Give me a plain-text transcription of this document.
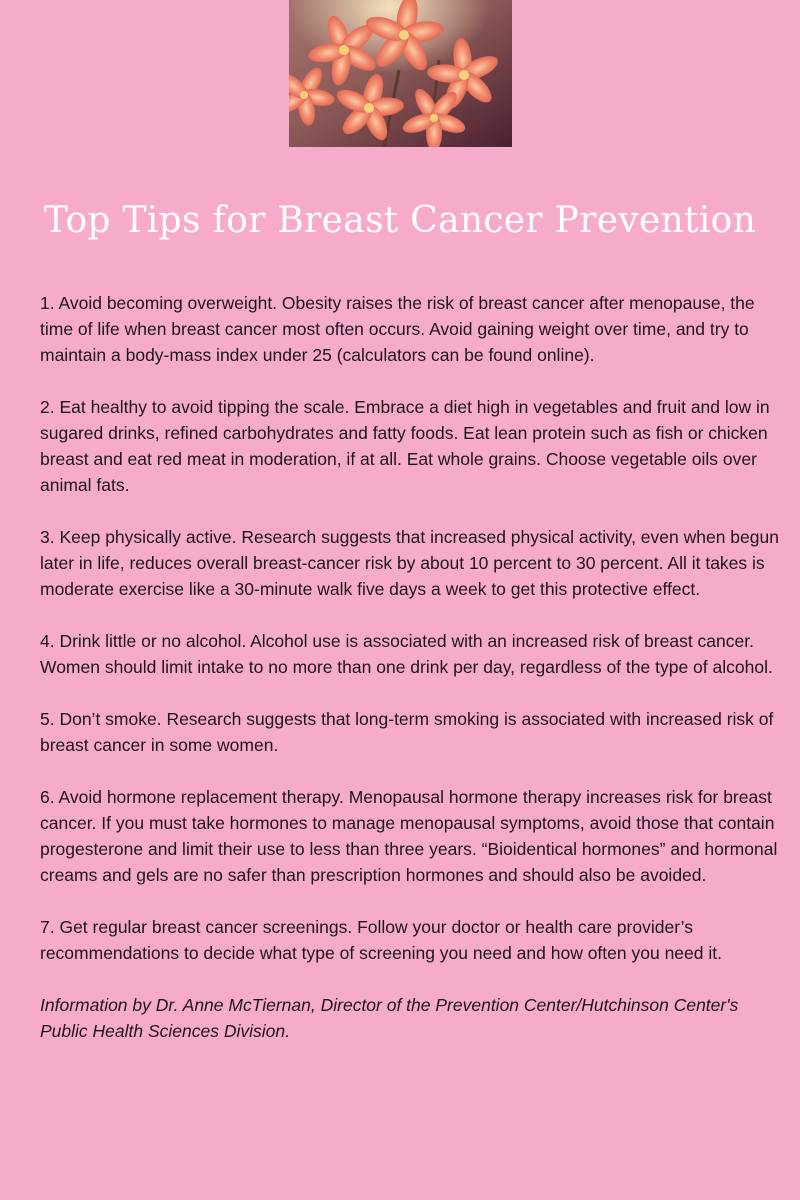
Top Tips for Breast Cancer Prevention

1. Avoid becoming overweight. Obesity raises the risk of breast cancer after menopause, the time of life when breast cancer most often occurs. Avoid gaining weight over time, and try to maintain a body-mass index under 25 (calculators can be found online).

2. Eat healthy to avoid tipping the scale. Embrace a diet high in vegetables and fruit and low in sugared drinks, refined carbohydrates and fatty foods. Eat lean protein such as fish or chicken breast and eat red meat in moderation, if at all. Eat whole grains. Choose vegetable oils over animal fats.

3. Keep physically active. Research suggests that increased physical activity, even when begun later in life, reduces overall breast-cancer risk by about 10 percent to 30 percent. All it takes is moderate exercise like a 30-minute walk five days a week to get this protective effect.

4. Drink little or no alcohol. Alcohol use is associated with an increased risk of breast cancer. Women should limit intake to no more than one drink per day, regardless of the type of alcohol.

5. Don’t smoke. Research suggests that long-term smoking is associated with increased risk of breast cancer in some women.

6. Avoid hormone replacement therapy. Menopausal hormone therapy increases risk for breast cancer. If you must take hormones to manage menopausal symptoms, avoid those that contain progesterone and limit their use to less than three years. “Bioidentical hormones” and hormonal creams and gels are no safer than prescription hormones and should also be avoided.

7. Get regular breast cancer screenings. Follow your doctor or health care provider’s recommendations to decide what type of screening you need and how often you need it.

Information by Dr. Anne McTiernan, Director of the Prevention Center/Hutchinson Center's Public Health Sciences Division.
